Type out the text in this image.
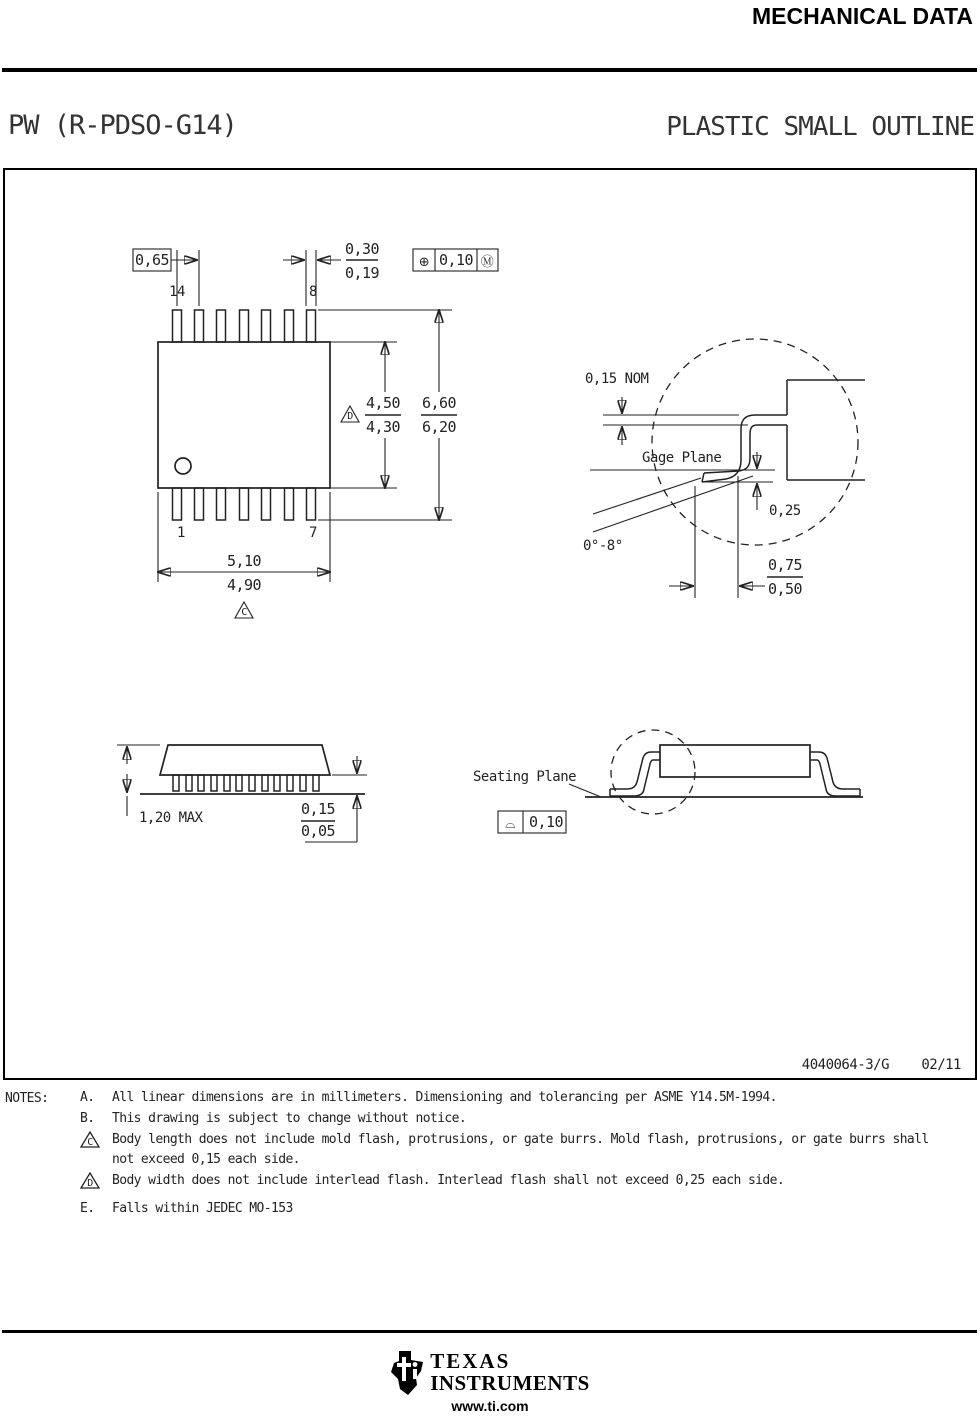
MECHANICAL DATA
PW (R-PDSO-G14)	PLASTIC SMALL OUTLINE
0,65
0,30
0,19
⊕ 0,10 Ⓜ
14	8
1	7
4,50
4,30
D
6,60
6,20
5,10
4,90
C
0,15 NOM
Gage Plane
0,25
0°-8°
0,75
0,50
1,20 MAX	0,15
0,05
Seating Plane
⌓ 0,10
4040064-3/G 02/11
NOTES: A.	All linear dimensions are in millimeters. Dimensioning and tolerancing per ASME Y14.5M-1994.
B.	This drawing is subject to change without notice.
C Body length does not include mold flash, protrusions, or gate burrs. Mold flash, protrusions, or gate burrs shall not exceed 0,15 each side.
D Body width does not include interlead flash. Interlead flash shall not exceed 0,25 each side.
E.	Falls within JEDEC MO-153
TEXAS
INSTRUMENTS
www.ti.com
